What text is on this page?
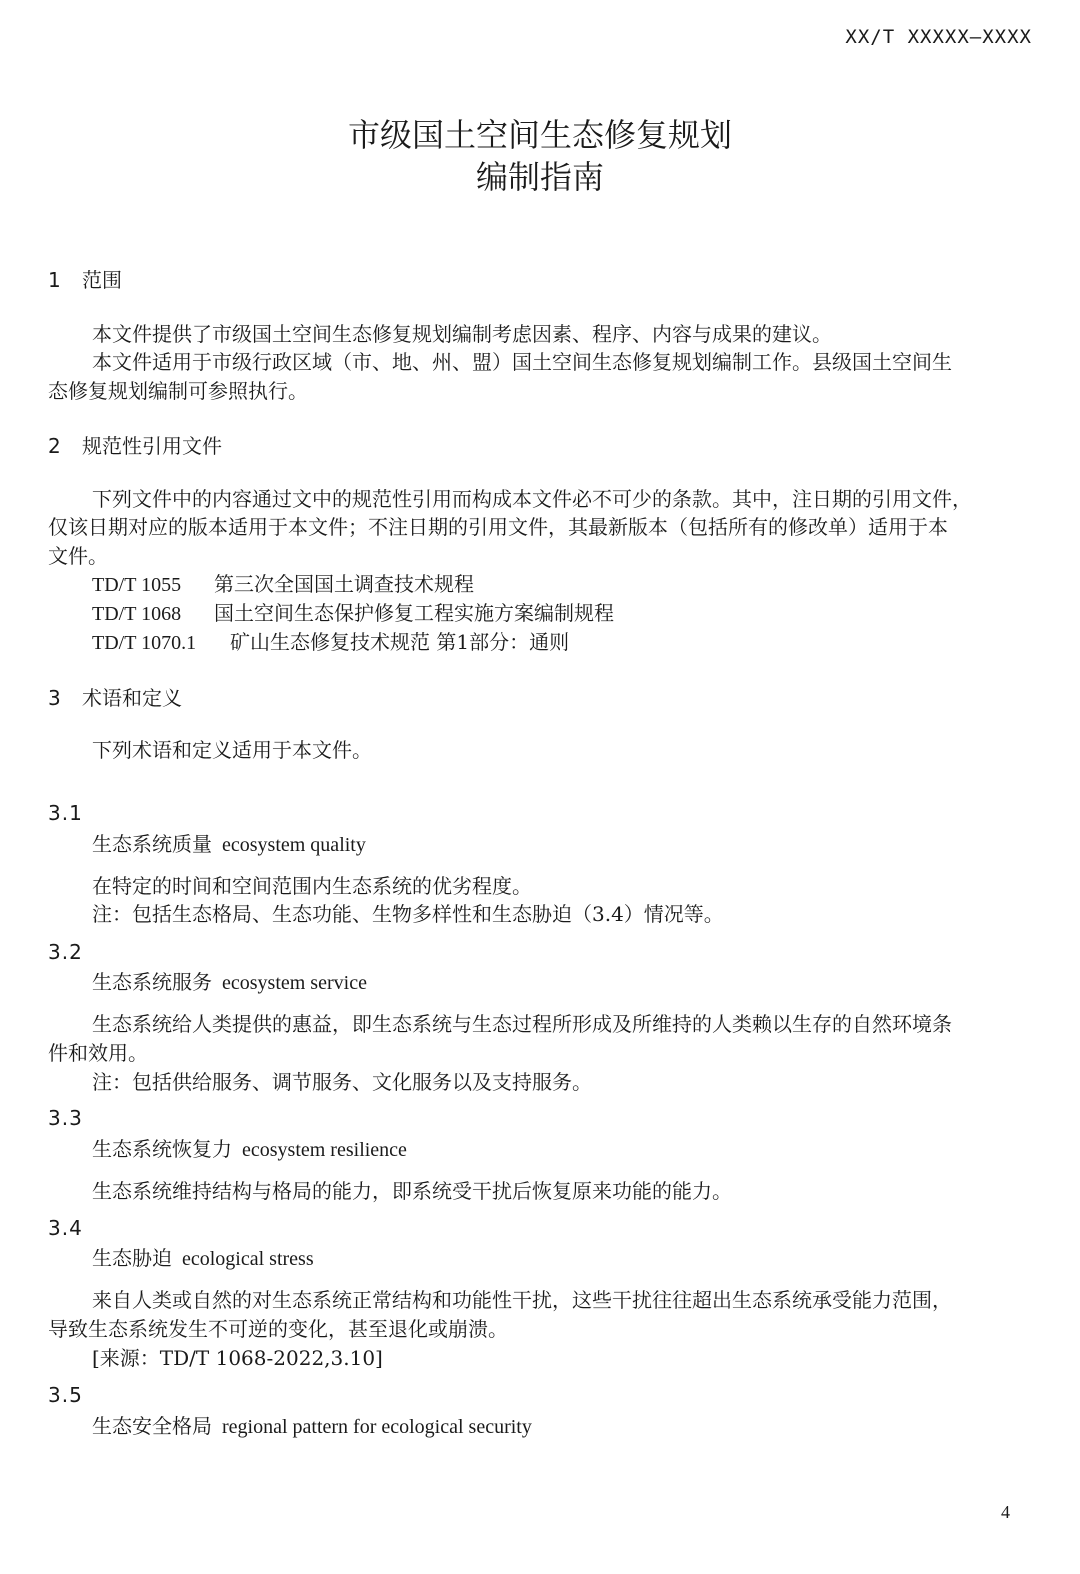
XX/T XXXXX—XXXX
市级国土空间生态修复规划
编制指南
1 范围
本文件提供了市级国土空间生态修复规划编制考虑因素、程序、内容与成果的建议。
本文件适用于市级行政区域（市、地、州、盟）国土空间生态修复规划编制工作。县级国土空间生
态修复规划编制可参照执行。
2 规范性引用文件
下列文件中的内容通过文中的规范性引用而构成本文件必不可少的条款。其中，注日期的引用文件，
仅该日期对应的版本适用于本文件；不注日期的引用文件，其最新版本（包括所有的修改单）适用于本
文件。
TD/T 1055 第三次全国国土调查技术规程
TD/T 1068 国土空间生态保护修复工程实施方案编制规程
TD/T 1070.1 矿山生态修复技术规范 第1部分：通则
3 术语和定义
下列术语和定义适用于本文件。
3.1
生态系统质量 ecosystem quality
在特定的时间和空间范围内生态系统的优劣程度。
注：包括生态格局、生态功能、生物多样性和生态胁迫（3.4）情况等。
3.2
生态系统服务 ecosystem service
生态系统给人类提供的惠益，即生态系统与生态过程所形成及所维持的人类赖以生存的自然环境条
件和效用。
注：包括供给服务、调节服务、文化服务以及支持服务。
3.3
生态系统恢复力 ecosystem resilience
生态系统维持结构与格局的能力，即系统受干扰后恢复原来功能的能力。
3.4
生态胁迫 ecological stress
来自人类或自然的对生态系统正常结构和功能性干扰，这些干扰往往超出生态系统承受能力范围，
导致生态系统发生不可逆的变化，甚至退化或崩溃。
[来源：TD/T 1068-2022,3.10]
3.5
生态安全格局 regional pattern for ecological security
4
